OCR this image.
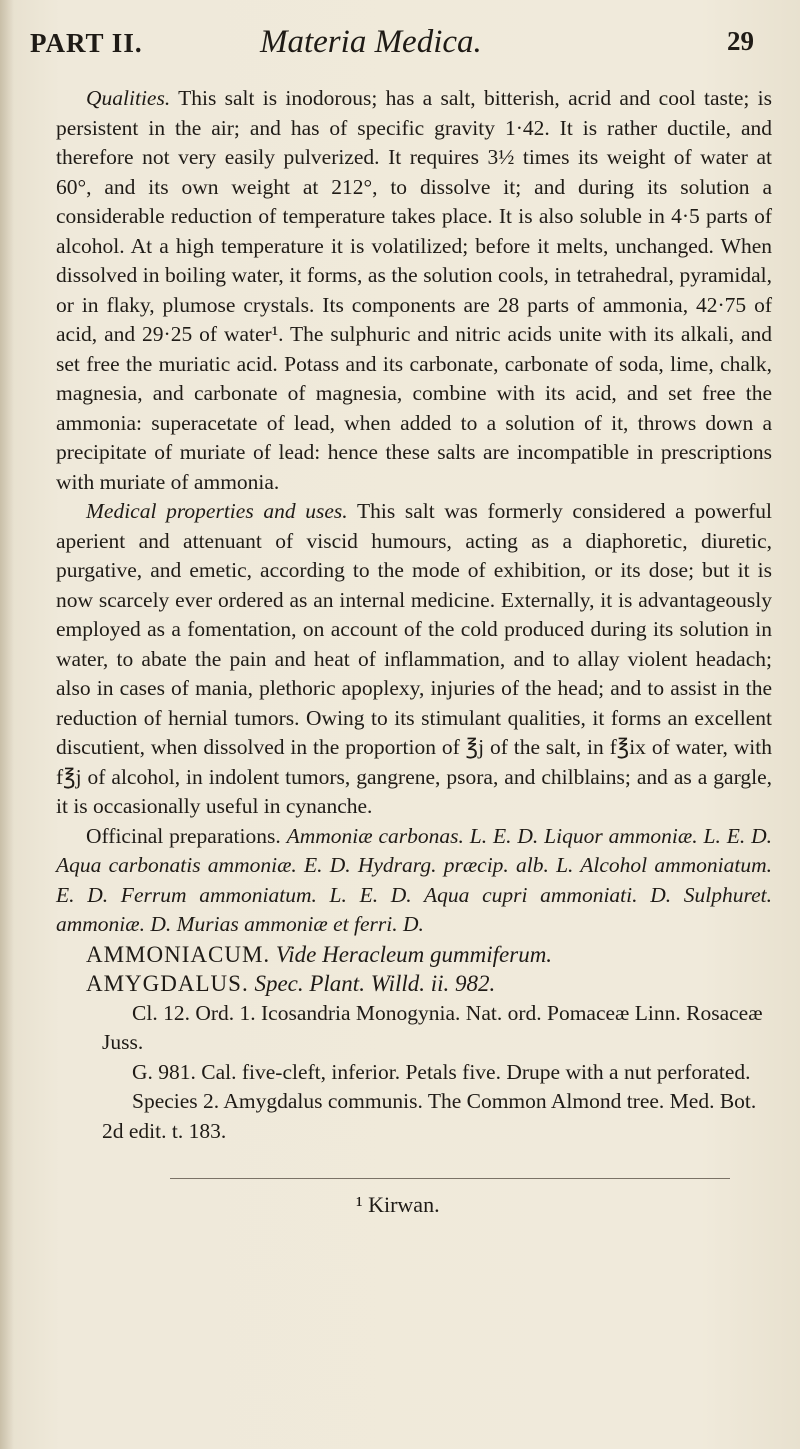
PART II.	Materia Medica.	29

Qualities. This salt is inodorous; has a salt, bitterish, acrid and cool taste; is persistent in the air; and has of specific gravity 1·42. It is rather ductile, and therefore not very easily pulverized. It requires 3½ times its weight of water at 60°, and its own weight at 212°, to dissolve it; and during its solution a considerable reduction of temperature takes place. It is also soluble in 4·5 parts of alcohol. At a high temperature it is volatilized; before it melts, unchanged. When dissolved in boiling water, it forms, as the solution cools, in tetrahedral, pyramidal, or in flaky, plumose crystals. Its components are 28 parts of ammonia, 42·75 of acid, and 29·25 of water¹. The sulphuric and nitric acids unite with its alkali, and set free the muriatic acid. Potass and its carbonate, carbonate of soda, lime, chalk, magnesia, and carbonate of magnesia, combine with its acid, and set free the ammonia: superacetate of lead, when added to a solution of it, throws down a precipitate of muriate of lead: hence these salts are incompatible in prescriptions with muriate of ammonia.

Medical properties and uses. This salt was formerly considered a powerful aperient and attenuant of viscid humours, acting as a diaphoretic, diuretic, purgative, and emetic, according to the mode of exhibition, or its dose; but it is now scarcely ever ordered as an internal medicine. Externally, it is advantageously employed as a fomentation, on account of the cold produced during its solution in water, to abate the pain and heat of inflammation, and to allay violent headach; also in cases of mania, plethoric apoplexy, injuries of the head; and to assist in the reduction of hernial tumors. Owing to its stimulant qualities, it forms an excellent discutient, when dissolved in the proportion of ℥j of the salt, in f℥ix of water, with f℥j of alcohol, in indolent tumors, gangrene, psora, and chilblains; and as a gargle, it is occasionally useful in cynanche.

Officinal preparations. Ammoniæ carbonas. L. E. D. Liquor ammoniæ. L. E. D. Aqua carbonatis ammoniæ. E. D. Hydrarg. præcip. alb. L. Alcohol ammoniatum. E. D. Ferrum ammoniatum. L. E. D. Aqua cupri ammoniati. D. Sulphuret. ammoniæ. D. Murias ammoniæ et ferri. D.

AMMONIACUM. Vide Heracleum gummiferum.

AMYGDALUS. Spec. Plant. Willd. ii. 982.

Cl. 12. Ord. 1. Icosandria Monogynia. Nat. ord. Pomaceæ Linn. Rosaceæ Juss.

G. 981. Cal. five-cleft, inferior. Petals five. Drupe with a nut perforated.

Species 2. Amygdalus communis. The Common Almond tree. Med. Bot. 2d edit. t. 183.

¹ Kirwan.
